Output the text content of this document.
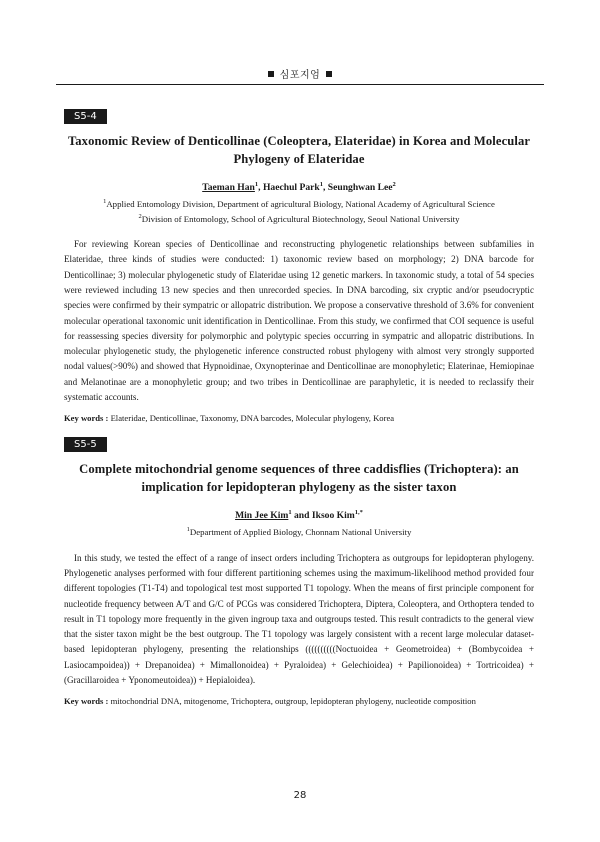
심포지엄
S5-4
Taxonomic Review of Denticollinae (Coleoptera, Elateridae) in Korea and Molecular Phylogeny of Elateridae
Taeman Han$^1$, Haechul Park$^1$, Seunghwan Lee$^2$
$^1$Applied Entomology Division, Department of agricultural Biology, National Academy of Agricultural Science
$^2$Division of Entomology, School of Agricultural Biotechnology, Seoul National University

For reviewing Korean species of Denticollinae and reconstructing phylogenetic relationships between subfamilies in Elateridae, three kinds of studies were conducted: 1) taxonomic review based on morphology; 2) DNA barcode for Denticollinae; 3) molecular phylogenetic study of Elateridae using 12 genetic markers. In taxonomic study, a total of 54 species were reviewed including 13 new species and then unrecorded species. In DNA barcoding, six cryptic and/or pseudocryptic species were confirmed by their sympatric or allopatric distribution. We propose a conservative threshold of 3.6% for convenient molecular operational taxonomic unit identification in Denticollinae. From this study, we confirmed that COI sequence is useful for reassessing species diversity for polymorphic and polytypic species occurring in sympatric and allopatric distributions. In molecular phylogenetic study, the phylogenetic inference constructed robust phylogeny with almost very strongly supported nodal values(>90%) and showed that Hypnoidinae, Oxynopterinae and Denticollinae are monophyletic; Elaterinae, Hemiopinae and Melanotinae are a monophyletic group; and two tribes in Denticollinae are paraphyletic, it is needed to reclassify their systematic accounts.

Key words : Elateridae, Denticollinae, Taxonomy, DNA barcodes, Molecular phylogeny, Korea
S5-5
Complete mitochondrial genome sequences of three caddisflies (Trichoptera): an implication for lepidopteran phylogeny as the sister taxon
Min Jee Kim$^1$ and Iksoo Kim$^{1,*}$
$^1$Department of Applied Biology, Chonnam National University

In this study, we tested the effect of a range of insect orders including Trichoptera as outgroups for lepidopteran phylogeny. Phylogenetic analyses performed with four different partitioning schemes using the maximum-likelihood method provided four different topologies (T1-T4) and topological test most supported T1 topology. When the means of first principle component for nucleotide frequency between A/T and G/C of PCGs was considered Trichoptera, Diptera, Coleoptera, and Orthoptera tended to result in T1 topology more frequently in the given ingroup taxa and outgroups tested. This result contradicts to the general view that the sister taxon might be the best outgroup. The T1 topology was largely consistent with a recent large molecular dataset-based lepidopteran phylogeny, presenting the relationships ((((((((((Noctuoidea + Geometroidea) + (Bombycoidea + Lasiocampoidea)) + Drepanoidea) + Mimallonoidea) + Pyraloidea) + Gelechioidea) + Papilionoidea) + Tortricoidea) + (Gracillaroidea + Yponomeutoidea)) + Hepialoidea).

Key words : mitochondrial DNA, mitogenome, Trichoptera, outgroup, lepidopteran phylogeny, nucleotide composition
28
